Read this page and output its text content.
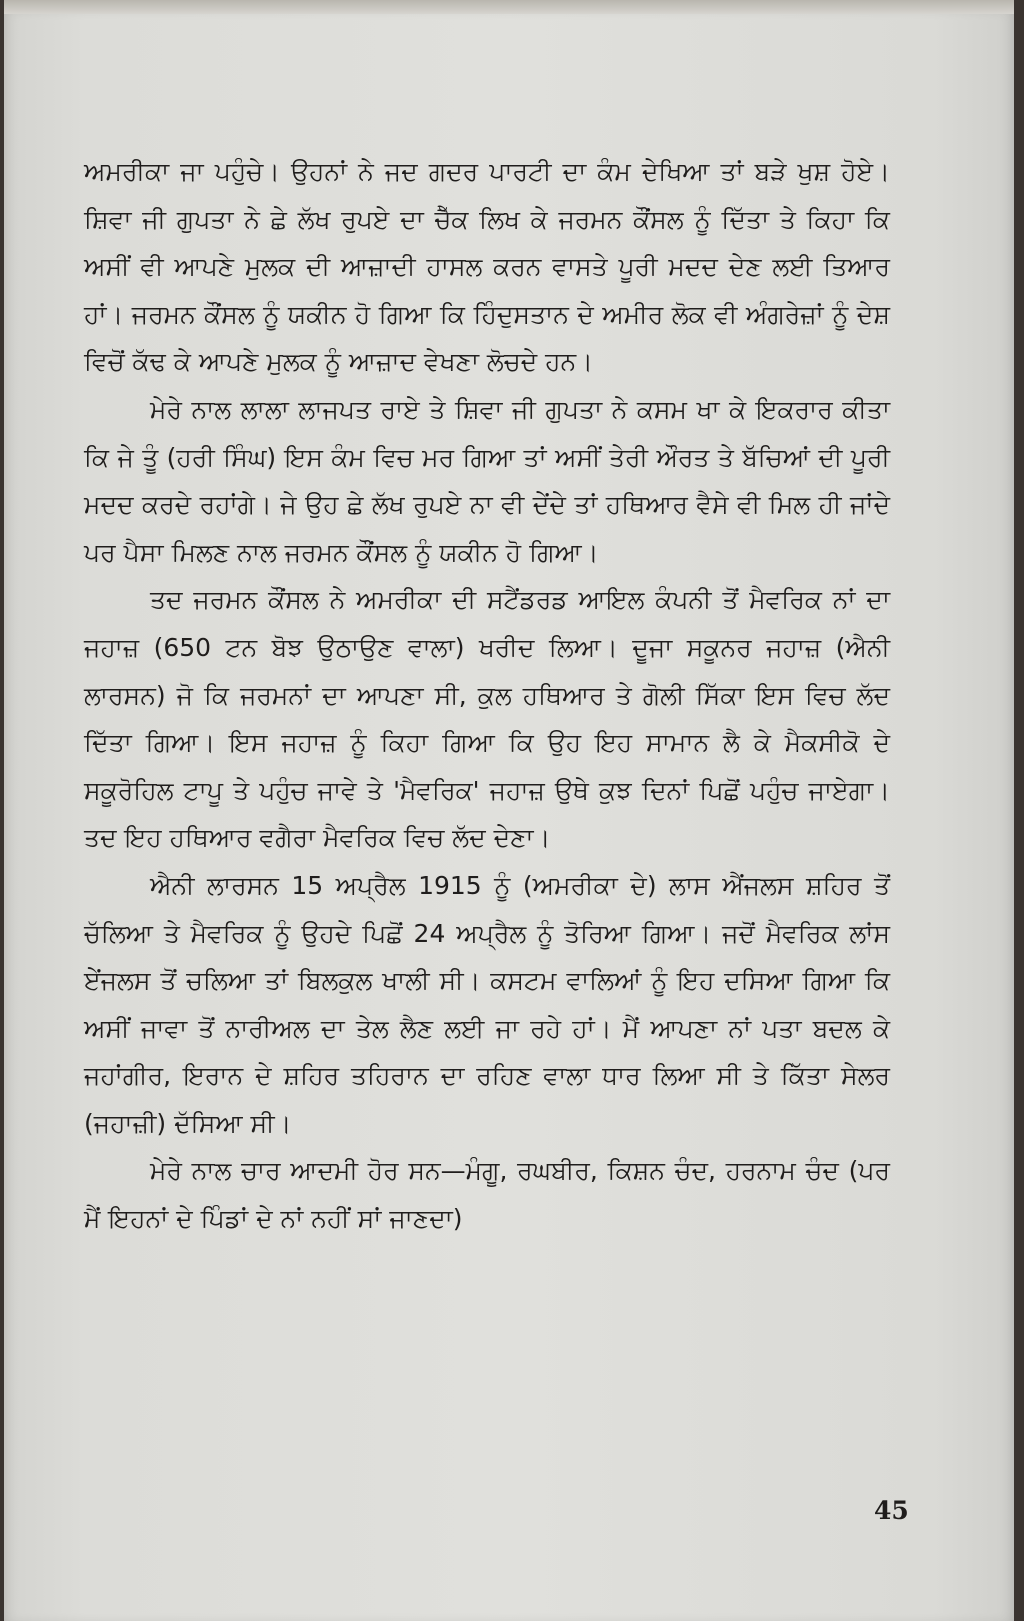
ਅਮਰੀਕਾ ਜਾ ਪਹੁੰਚੇ। ਉਹਨਾਂ ਨੇ ਜਦ ਗਦਰ ਪਾਰਟੀ ਦਾ ਕੰਮ ਦੇਖਿਆ ਤਾਂ ਬੜੇ ਖੁਸ਼ ਹੋਏ। ਸ਼ਿਵਾ ਜੀ ਗੁਪਤਾ ਨੇ ਛੇ ਲੱਖ ਰੁਪਏ ਦਾ ਚੈੱਕ ਲਿਖ ਕੇ ਜਰਮਨ ਕੌਂਸਲ ਨੂੰ ਦਿੱਤਾ ਤੇ ਕਿਹਾ ਕਿ ਅਸੀਂ ਵੀ ਆਪਣੇ ਮੁਲਕ ਦੀ ਆਜ਼ਾਦੀ ਹਾਸਲ ਕਰਨ ਵਾਸਤੇ ਪੂਰੀ ਮਦਦ ਦੇਣ ਲਈ ਤਿਆਰ ਹਾਂ। ਜਰਮਨ ਕੌਂਸਲ ਨੂੰ ਯਕੀਨ ਹੋ ਗਿਆ ਕਿ ਹਿੰਦੁਸਤਾਨ ਦੇ ਅਮੀਰ ਲੋਕ ਵੀ ਅੰਗਰੇਜ਼ਾਂ ਨੂੰ ਦੇਸ਼ ਵਿਚੋਂ ਕੱਢ ਕੇ ਆਪਣੇ ਮੁਲਕ ਨੂੰ ਆਜ਼ਾਦ ਵੇਖਣਾ ਲੋਚਦੇ ਹਨ।

ਮੇਰੇ ਨਾਲ ਲਾਲਾ ਲਾਜਪਤ ਰਾਏ ਤੇ ਸ਼ਿਵਾ ਜੀ ਗੁਪਤਾ ਨੇ ਕਸਮ ਖਾ ਕੇ ਇਕਰਾਰ ਕੀਤਾ ਕਿ ਜੇ ਤੂੰ (ਹਰੀ ਸਿੰਘ) ਇਸ ਕੰਮ ਵਿਚ ਮਰ ਗਿਆ ਤਾਂ ਅਸੀਂ ਤੇਰੀ ਔਰਤ ਤੇ ਬੱਚਿਆਂ ਦੀ ਪੂਰੀ ਮਦਦ ਕਰਦੇ ਰਹਾਂਗੇ। ਜੇ ਉਹ ਛੇ ਲੱਖ ਰੁਪਏ ਨਾ ਵੀ ਦੇਂਦੇ ਤਾਂ ਹਥਿਆਰ ਵੈਸੇ ਵੀ ਮਿਲ ਹੀ ਜਾਂਦੇ ਪਰ ਪੈਸਾ ਮਿਲਣ ਨਾਲ ਜਰਮਨ ਕੌਂਸਲ ਨੂੰ ਯਕੀਨ ਹੋ ਗਿਆ।

ਤਦ ਜਰਮਨ ਕੌਂਸਲ ਨੇ ਅਮਰੀਕਾ ਦੀ ਸਟੈਂਡਰਡ ਆਇਲ ਕੰਪਨੀ ਤੋਂ ਮੈਵਰਿਕ ਨਾਂ ਦਾ ਜਹਾਜ਼ (650 ਟਨ ਬੋਝ ਉਠਾਉਣ ਵਾਲਾ) ਖਰੀਦ ਲਿਆ। ਦੂਜਾ ਸਕੂਨਰ ਜਹਾਜ਼ (ਐਨੀ ਲਾਰਸਨ) ਜੋ ਕਿ ਜਰਮਨਾਂ ਦਾ ਆਪਣਾ ਸੀ, ਕੁਲ ਹਥਿਆਰ ਤੇ ਗੋਲੀ ਸਿੱਕਾ ਇਸ ਵਿਚ ਲੱਦ ਦਿੱਤਾ ਗਿਆ। ਇਸ ਜਹਾਜ਼ ਨੂੰ ਕਿਹਾ ਗਿਆ ਕਿ ਉਹ ਇਹ ਸਾਮਾਨ ਲੈ ਕੇ ਮੈਕਸੀਕੋ ਦੇ ਸਕੂਰੋਹਿਲ ਟਾਪੂ ਤੇ ਪਹੁੰਚ ਜਾਵੇ ਤੇ 'ਮੈਵਰਿਕ' ਜਹਾਜ਼ ਉਥੇ ਕੁਝ ਦਿਨਾਂ ਪਿਛੋਂ ਪਹੁੰਚ ਜਾਏਗਾ। ਤਦ ਇਹ ਹਥਿਆਰ ਵਗੈਰਾ ਮੈਵਰਿਕ ਵਿਚ ਲੱਦ ਦੇਣਾ।

ਐਨੀ ਲਾਰਸਨ 15 ਅਪ੍ਰੈਲ 1915 ਨੂੰ (ਅਮਰੀਕਾ ਦੇ) ਲਾਸ ਐਂਜਲਸ ਸ਼ਹਿਰ ਤੋਂ ਚੱਲਿਆ ਤੇ ਮੈਵਰਿਕ ਨੂੰ ਉਹਦੇ ਪਿਛੋਂ 24 ਅਪ੍ਰੈਲ ਨੂੰ ਤੋਰਿਆ ਗਿਆ। ਜਦੋਂ ਮੈਵਰਿਕ ਲਾਂਸ ਏਂਜਲਸ ਤੋਂ ਚਲਿਆ ਤਾਂ ਬਿਲਕੁਲ ਖਾਲੀ ਸੀ। ਕਸਟਮ ਵਾਲਿਆਂ ਨੂੰ ਇਹ ਦਸਿਆ ਗਿਆ ਕਿ ਅਸੀਂ ਜਾਵਾ ਤੋਂ ਨਾਰੀਅਲ ਦਾ ਤੇਲ ਲੈਣ ਲਈ ਜਾ ਰਹੇ ਹਾਂ। ਮੈਂ ਆਪਣਾ ਨਾਂ ਪਤਾ ਬਦਲ ਕੇ ਜਹਾਂਗੀਰ, ਇਰਾਨ ਦੇ ਸ਼ਹਿਰ ਤਹਿਰਾਨ ਦਾ ਰਹਿਣ ਵਾਲਾ ਧਾਰ ਲਿਆ ਸੀ ਤੇ ਕਿੱਤਾ ਸੇਲਰ (ਜਹਾਜ਼ੀ) ਦੱਸਿਆ ਸੀ।

ਮੇਰੇ ਨਾਲ ਚਾਰ ਆਦਮੀ ਹੋਰ ਸਨ—ਮੰਗੂ, ਰਘਬੀਰ, ਕਿਸ਼ਨ ਚੰਦ, ਹਰਨਾਮ ਚੰਦ (ਪਰ ਮੈਂ ਇਹਨਾਂ ਦੇ ਪਿੰਡਾਂ ਦੇ ਨਾਂ ਨਹੀਂ ਸਾਂ ਜਾਣਦਾ)

45
